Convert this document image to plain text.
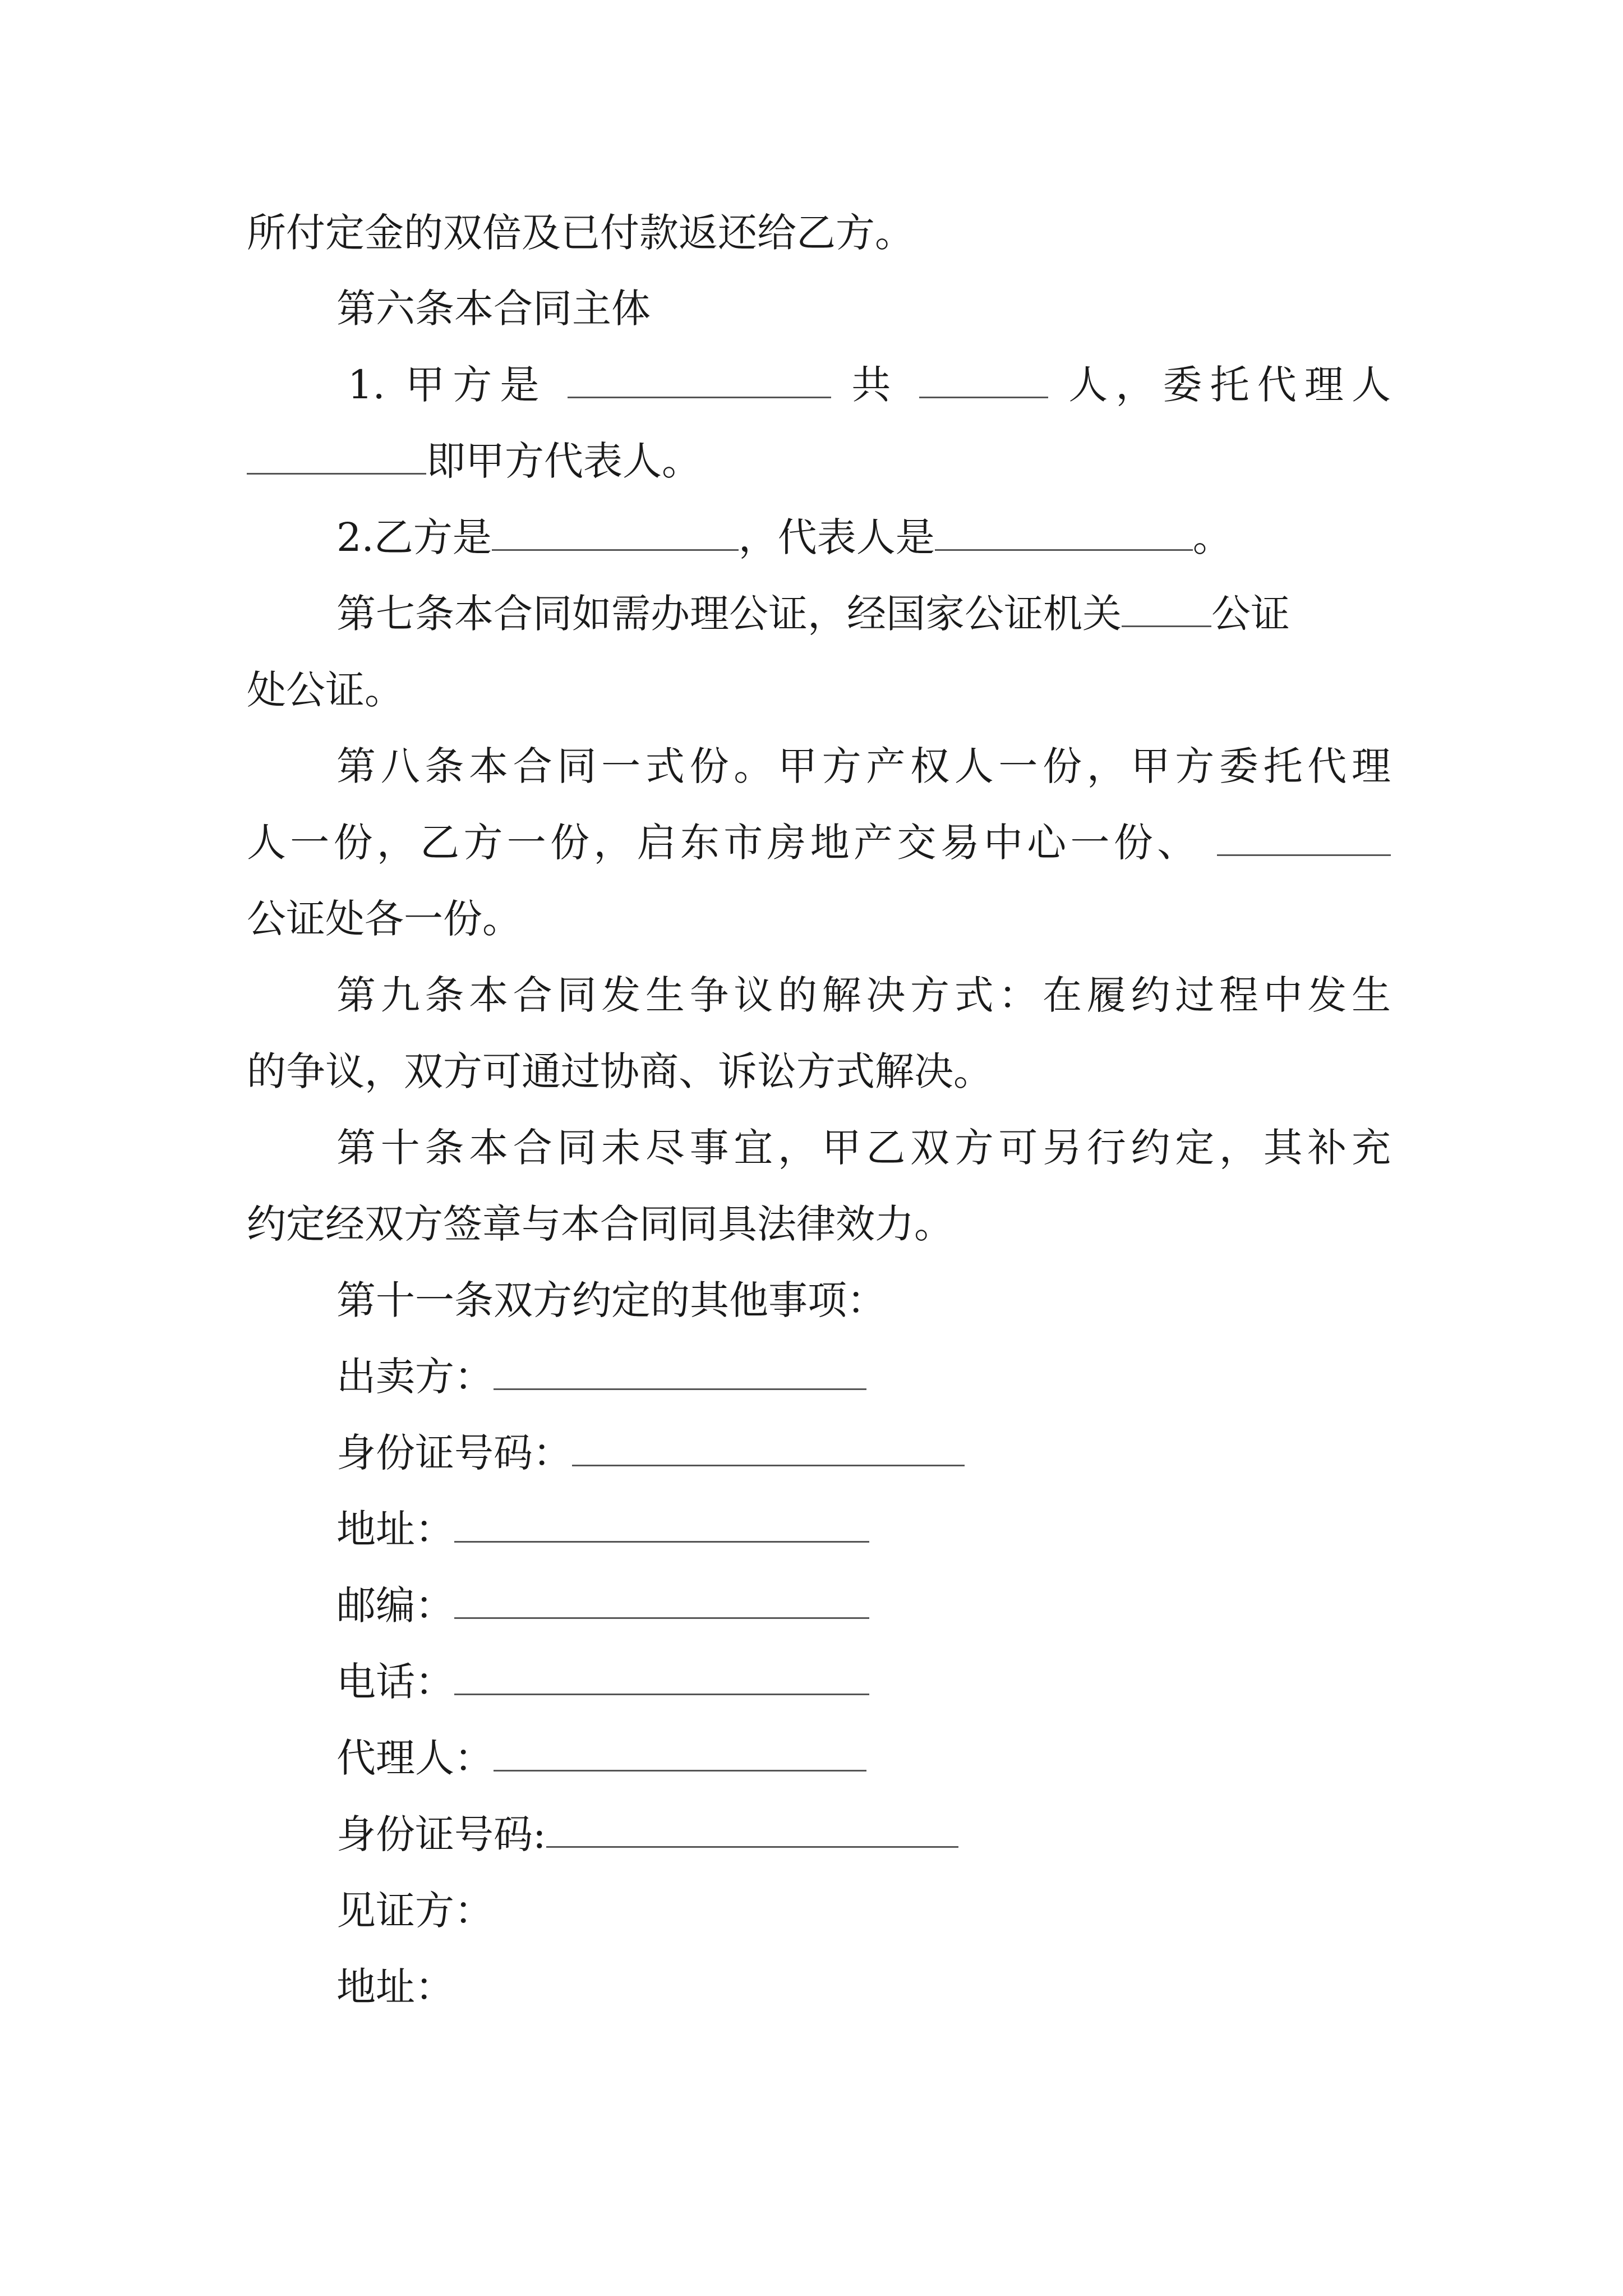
所付定金的双倍及已付款返还给乙方。
第六条本合同主体
1. 甲方是	共	人，委托代理人
即甲方代表人。
2.乙方是	，代表人是	。
第七条本合同如需办理公证，经国家公证机关 公证
处公证。
第八条本合同一式份。甲方产权人一份，甲方委托代理
人一份，乙方一份，启东市房地产交易中心一份、
公证处各一份。
第九条本合同发生争议的解决方式：在履约过程中发生
的争议，双方可通过协商、诉讼方式解决。
第十条本合同未尽事宜，甲乙双方可另行约定，其补充
约定经双方签章与本合同同具法律效力。
第十一条双方约定的其他事项：
出卖方：
身份证号码：
地址：
邮编：
电话：
代理人：
身份证号码:
见证方：
地址：
